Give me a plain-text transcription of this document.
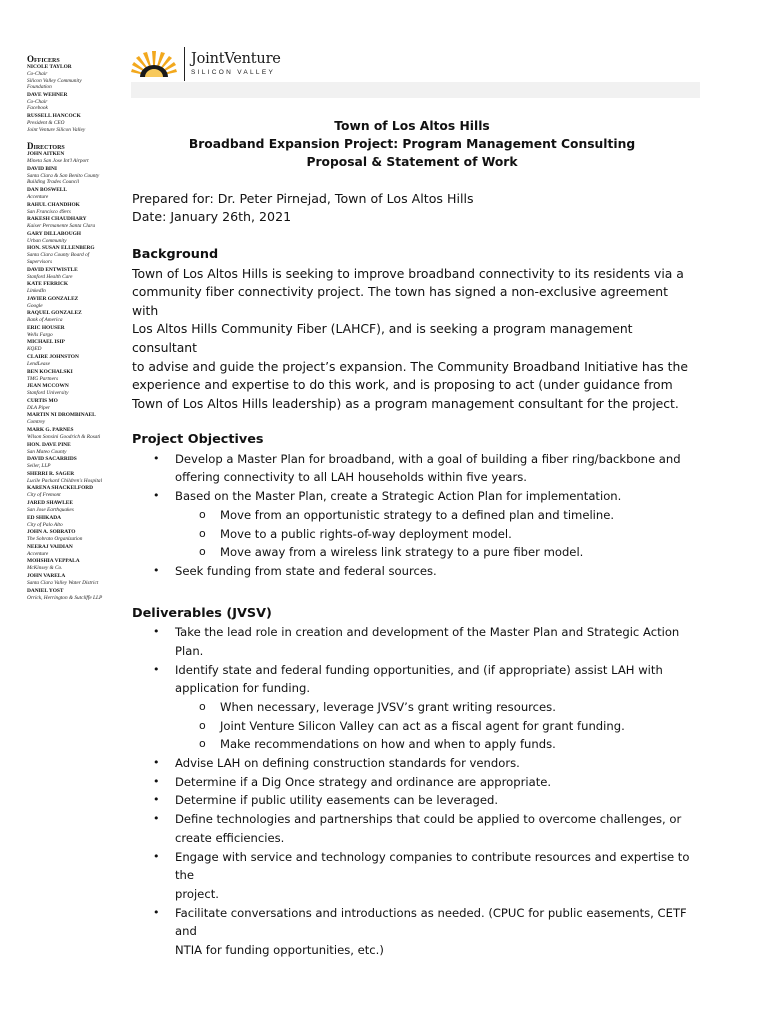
JointVenture
SILICON VALLEY
Officers
NICOLE TAYLOR
Co-Chair
Silicon Valley Community
Foundation
DAVE WEHNER
Co-Chair
Facebook
RUSSELL HANCOCK
President & CEO
Joint Venture Silicon Valley
Directors
JOHN AITKEN
Mineta San Jose Int'l Airport
DAVID BINI
Santa Clara & San Benito County
Building Trades Council
DAN BOSWELL
Accenture
RAHUL CHANDHOK
San Francisco 49ers
RAKESH CHAUDHARY
Kaiser Permanente Santa Clara
GARY DILLABOUGH
Urban Community
HON. SUSAN ELLENBERG
Santa Clara County Board of
Supervisors
DAVID ENTWISTLE
Stanford Health Care
KATE FERRICK
LinkedIn
JAVIER GONZALEZ
Google
RAQUEL GONZALEZ
Bank of America
ERIC HOUSER
Wells Fargo
MICHAEL ISIP
KQED
CLAIRE JOHNSTON
LendLease
BEN KOCHALSKI
TMG Partners
JEAN MCCOWN
Stanford University
CURTIS MO
DLA Piper
MARTIN NI DROMBINAEL
Comtrey
MARK G. PARNES
Wilson Sonsini Goodrich & Rosati
HON. DAVE PINE
San Mateo County
DAVID SACARRIDS
Seiler, LLP
SHERRI R. SAGER
Lucile Packard Children's Hospital
KARENA SHACKELFORD
City of Fremont
JARED SHAWLEE
San Jose Earthquakes
ED SHIKADA
City of Palo Alto
JOHN A. SOBRATO
The Sobrato Organization
NEERAJ VAIDIAN
Accenture
MOHSHIA VEPPALA
McKinsey & Co.
JOHN VARELA
Santa Clara Valley Water District
DANIEL YOST
Orrick, Herrington & Sutcliffe LLP
Town of Los Altos Hills
Broadband Expansion Project: Program Management Consulting
Proposal & Statement of Work
Prepared for: Dr. Peter Pirnejad, Town of Los Altos Hills
Date: January 26th, 2021
Background
Town of Los Altos Hills is seeking to improve broadband connectivity to its residents via a
community fiber connectivity project. The town has signed a non-exclusive agreement with
Los Altos Hills Community Fiber (LAHCF), and is seeking a program management consultant
to advise and guide the project’s expansion. The Community Broadband Initiative has the
experience and expertise to do this work, and is proposing to act (under guidance from
Town of Los Altos Hills leadership) as a program management consultant for the project.
Project Objectives
• Develop a Master Plan for broadband, with a goal of building a fiber ring/backbone and
offering connectivity to all LAH households within five years.
• Based on the Master Plan, create a Strategic Action Plan for implementation.
o Move from an opportunistic strategy to a defined plan and timeline.
o Move to a public rights-of-way deployment model.
o Move away from a wireless link strategy to a pure fiber model.
• Seek funding from state and federal sources.
Deliverables (JVSV)
• Take the lead role in creation and development of the Master Plan and Strategic Action
Plan.
• Identify state and federal funding opportunities, and (if appropriate) assist LAH with
application for funding.
o When necessary, leverage JVSV’s grant writing resources.
o Joint Venture Silicon Valley can act as a fiscal agent for grant funding.
o Make recommendations on how and when to apply funds.
• Advise LAH on defining construction standards for vendors.
• Determine if a Dig Once strategy and ordinance are appropriate.
• Determine if public utility easements can be leveraged.
• Define technologies and partnerships that could be applied to overcome challenges, or
create efficiencies.
• Engage with service and technology companies to contribute resources and expertise to the
project.
• Facilitate conversations and introductions as needed. (CPUC for public easements, CETF and
NTIA for funding opportunities, etc.)
